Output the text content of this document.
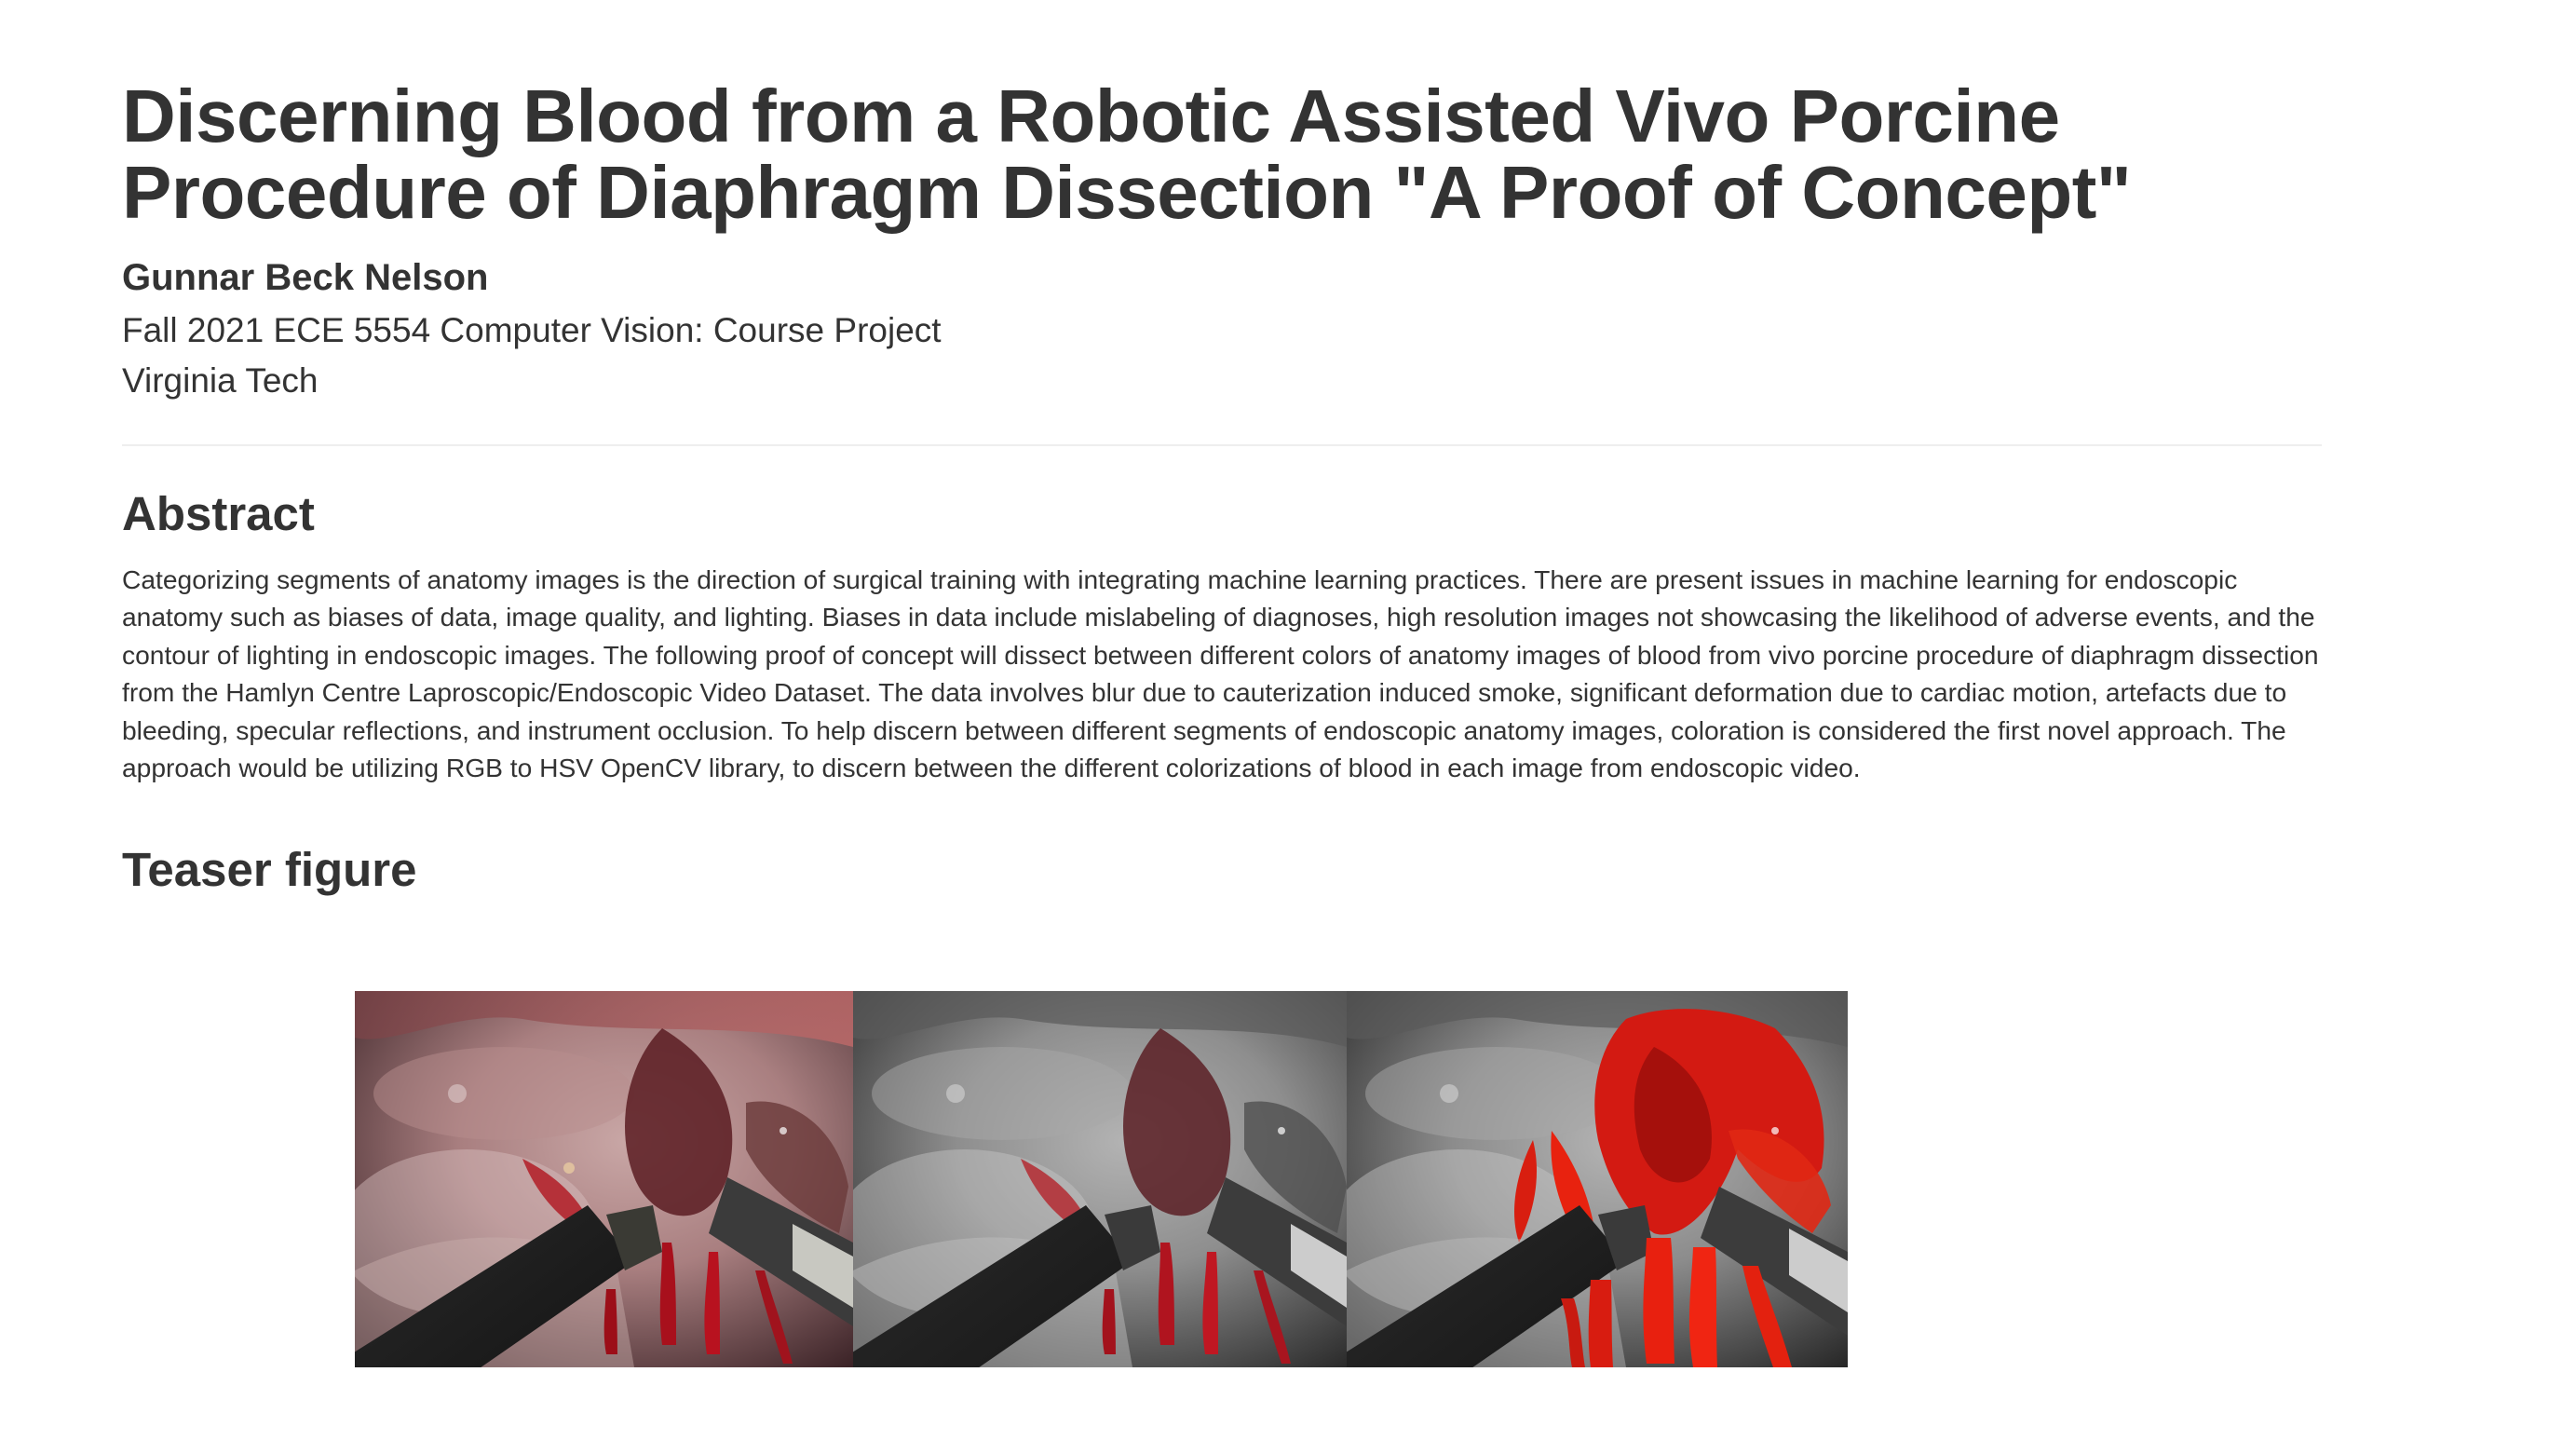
Discerning Blood from a Robotic Assisted Vivo Porcine Procedure of Diaphragm Dissection "A Proof of Concept"
Gunnar Beck Nelson
Fall 2021 ECE 5554 Computer Vision: Course Project
Virginia Tech
Abstract

Categorizing segments of anatomy images is the direction of surgical training with integrating machine learning practices. There are present issues in machine learning for endoscopic anatomy such as biases of data, image quality, and lighting. Biases in data include mislabeling of diagnoses, high resolution images not showcasing the likelihood of adverse events, and the contour of lighting in endoscopic images. The following proof of concept will dissect between different colors of anatomy images of blood from vivo porcine procedure of diaphragm dissection from the Hamlyn Centre Laproscopic/Endoscopic Video Dataset. The data involves blur due to cauterization induced smoke, significant deformation due to cardiac motion, artefacts due to bleeding, specular reflections, and instrument occlusion. To help discern between different segments of endoscopic anatomy images, coloration is considered the first novel approach. The approach would be utilizing RGB to HSV OpenCV library, to discern between the different colorizations of blood in each image from endoscopic video.

Teaser figure
